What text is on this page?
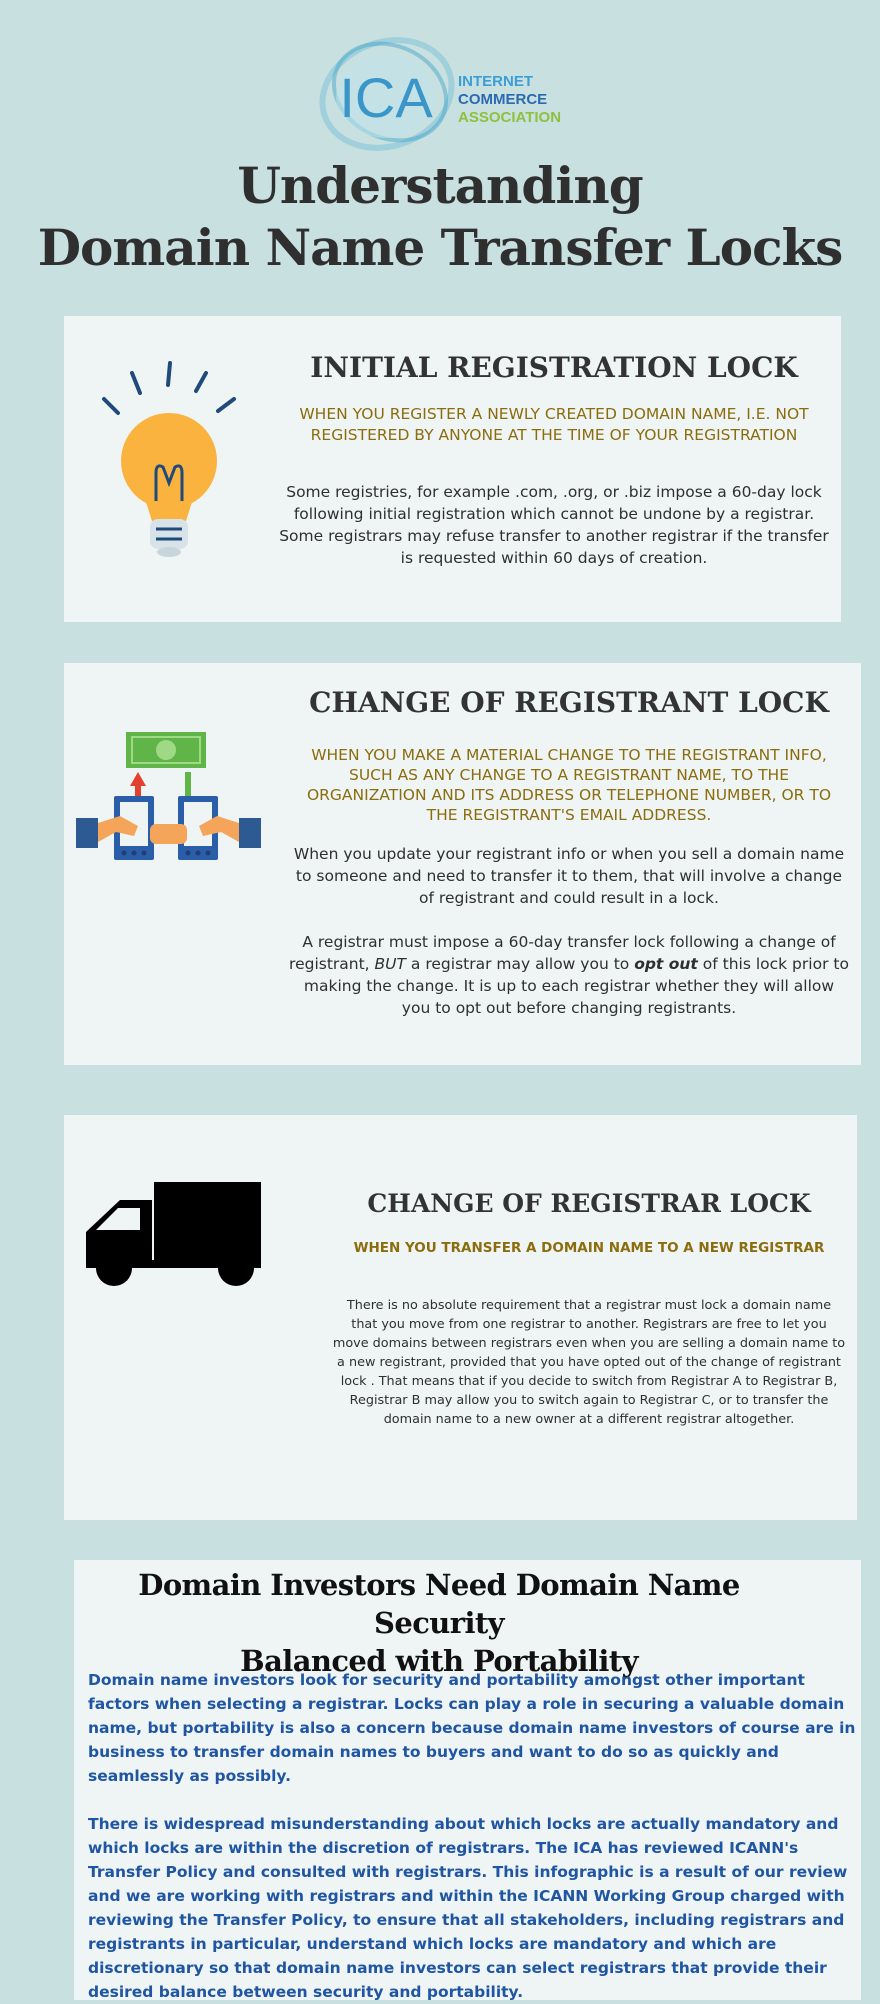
ICA INTERNET
COMMERCE
ASSOCIATION
Understanding
Domain Name Transfer Locks
INITIAL REGISTRATION LOCK
WHEN YOU REGISTER A NEWLY CREATED DOMAIN NAME, I.E. NOT REGISTERED BY ANYONE AT THE TIME OF YOUR REGISTRATION
Some registries, for example .com, .org, or .biz impose a 60-day lock following initial registration which cannot be undone by a registrar. Some registrars may refuse transfer to another registrar if the transfer is requested within 60 days of creation.
CHANGE OF REGISTRANT LOCK
WHEN YOU MAKE A MATERIAL CHANGE TO THE REGISTRANT INFO, SUCH AS ANY CHANGE TO A REGISTRANT NAME, TO THE ORGANIZATION AND ITS ADDRESS OR TELEPHONE NUMBER, OR TO THE REGISTRANT'S EMAIL ADDRESS.
When you update your registrant info or when you sell a domain name to someone and need to transfer it to them, that will involve a change of registrant and could result in a lock.
A registrar must impose a 60-day transfer lock following a change of registrant, BUT a registrar may allow you to opt out of this lock prior to making the change. It is up to each registrar whether they will allow you to opt out before changing registrants.
CHANGE OF REGISTRAR LOCK
WHEN YOU TRANSFER A DOMAIN NAME TO A NEW REGISTRAR
There is no absolute requirement that a registrar must lock a domain name that you move from one registrar to another. Registrars are free to let you move domains between registrars even when you are selling a domain name to a new registrant, provided that you have opted out of the change of registrant lock . That means that if you decide to switch from Registrar A to Registrar B, Registrar B may allow you to switch again to Registrar C, or to transfer the domain name to a new owner at a different registrar altogether.
Domain Investors Need Domain Name Security
Balanced with Portability
Domain name investors look for security and portability amongst other important factors when selecting a registrar. Locks can play a role in securing a valuable domain name, but portability is also a concern because domain name investors of course are in business to transfer domain names to buyers and want to do so as quickly and seamlessly as possibly.
There is widespread misunderstanding about which locks are actually mandatory and which locks are within the discretion of registrars. The ICA has reviewed ICANN's Transfer Policy and consulted with registrars. This infographic is a result of our review and we are working with registrars and within the ICANN Working Group charged with reviewing the Transfer Policy, to ensure that all stakeholders, including registrars and registrants in particular, understand which locks are mandatory and which are discretionary so that domain name investors can select registrars that provide their desired balance between security and portability.
